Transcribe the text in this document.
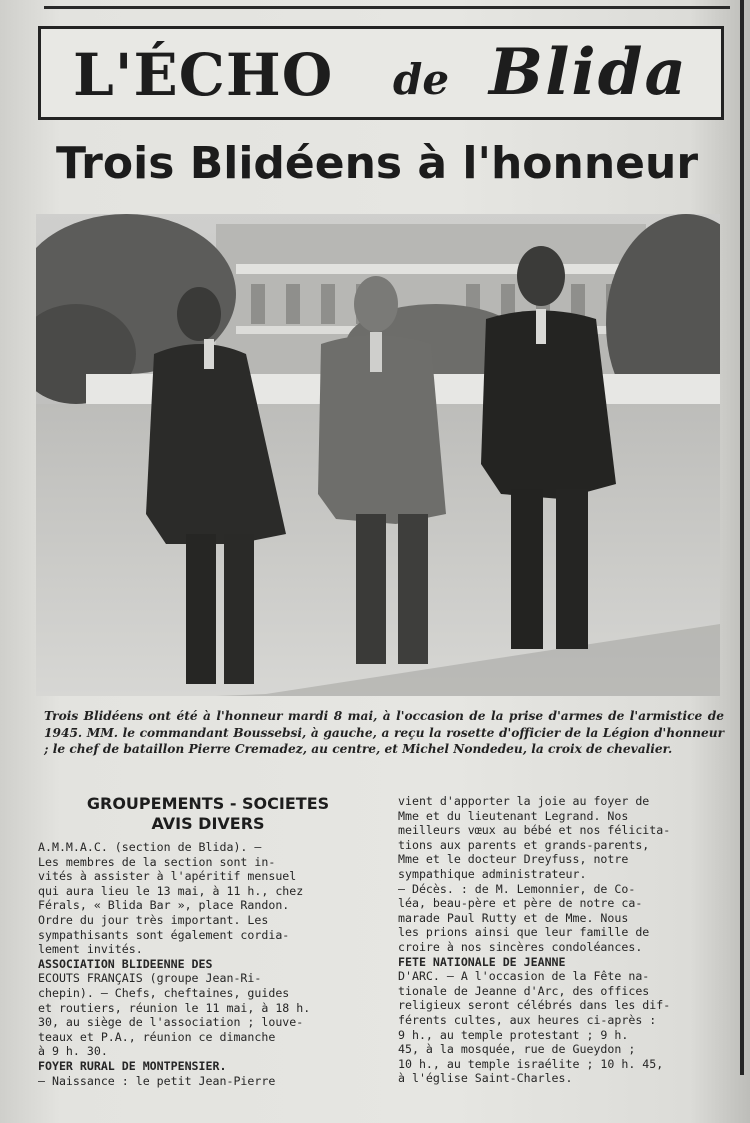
L'ÉCHO de Blida
Trois Blidéens à l'honneur
Trois Blidéens ont été à l'honneur mardi 8 mai, à l'occasion de la prise d'armes de l'armistice de 1945. MM. le commandant Boussebsi, à gauche, a reçu la rosette d'officier de la Légion d'honneur ; le chef de bataillon Pierre Cremadez, au centre, et Michel Nondedeu, la croix de chevalier.
GROUPEMENTS - SOCIETES
AVIS DIVERS
A.M.M.A.C. (section de Blida). —
Les membres de la section sont in-
vités à assister à l'apéritif mensuel
qui aura lieu le 13 mai, à 11 h., chez
Férals, « Blida Bar », place Randon.
Ordre du jour très important. Les
sympathisants sont également cordia-
lement invités.
ASSOCIATION BLIDEENNE DES
ECOUTS FRANÇAIS (groupe Jean-Ri-
chepin). — Chefs, cheftaines, guides
et routiers, réunion le 11 mai, à 18 h.
30, au siège de l'association ; louve-
teaux et P.A., réunion ce dimanche
à 9 h. 30.
FOYER RURAL DE MONTPENSIER.
— Naissance : le petit Jean-Pierre
vient d'apporter la joie au foyer de
Mme et du lieutenant Legrand. Nos
meilleurs vœux au bébé et nos félicita-
tions aux parents et grands-parents,
Mme et le docteur Dreyfuss, notre
sympathique administrateur.
— Décès. : de M. Lemonnier, de Co-
léa, beau-père et père de notre ca-
marade Paul Rutty et de Mme. Nous
les prions ainsi que leur famille de
croire à nos sincères condoléances.
FETE NATIONALE DE JEANNE
D'ARC. — A l'occasion de la Fête na-
tionale de Jeanne d'Arc, des offices
religieux seront célébrés dans les dif-
férents cultes, aux heures ci-après :
9 h., au temple protestant ; 9 h.
45, à la mosquée, rue de Gueydon ;
10 h., au temple israélite ; 10 h. 45,
à l'église Saint-Charles.
